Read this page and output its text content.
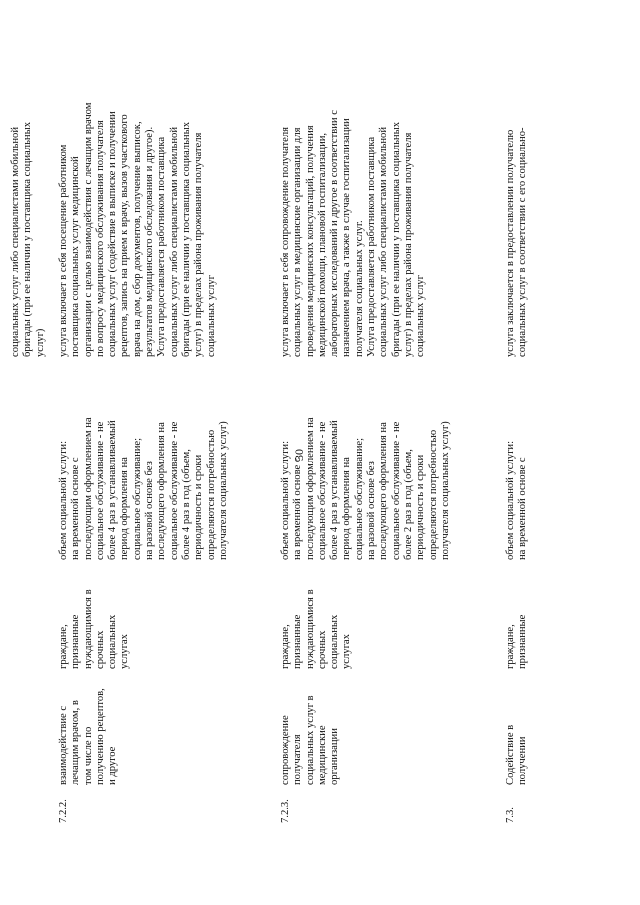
30
социальных услуг либо специалистами мобильной
бригады (при ее наличии у поставщика социальных
услуг)
7.2.2.
взаимодействие с
лечащим врачом, в
том числе по
получению рецептов,
и другое
граждане,
признанные
нуждающимися в
срочных
социальных
услугах
объем социальной услуги:
на временной основе с
последующим оформлением на
социальное обслуживание - не
более 4 раз в устанавливаемый
период оформления на
социальное обслуживание;
на разовой основе без
последующего оформления на
социальное обслуживание - не
более 4 раз в год (объем,
периодичность и сроки
определяются потребностью
получателя социальных услуг)
услуга включает в себя посещение работником
поставщика социальных услуг медицинской
организации с целью взаимодействия с лечащим врачом
по вопросу медицинского обслуживания получателя
социальных услуг (содействие в выписке и получении
рецептов, запись на прием к врачу, вызов участкового
врача на дом, сбор документов, получение выписок,
результатов медицинского обследования и другое).
Услуга предоставляется работником поставщика
социальных услуг либо специалистами мобильной
бригады (при ее наличии у поставщика социальных
услуг) в пределах района проживания получателя
социальных услуг
7.2.3.
сопровождение
получателя
социальных услуг в
медицинские
организации
граждане,
признанные
нуждающимися в
срочных
социальных
услугах
объем социальной услуги:
на временной основе с
последующим оформлением на
социальное обслуживание - не
более 4 раз в устанавливаемый
период оформления на
социальное обслуживание;
на разовой основе без
последующего оформления на
социальное обслуживание - не
более 2 раз в год (объем,
периодичность и сроки
определяются потребностью
получателя социальных услуг)
услуга включает в себя сопровождение получателя
социальных услуг в медицинские организации для
проведения медицинских консультаций, получения
медицинской помощи, плановой госпитализации,
лабораторных исследований и другое в соответствии с
назначением врача, а также в случае госпитализации
получателя социальных услуг.
Услуга предоставляется работником поставщика
социальных услуг либо специалистами мобильной
бригады (при ее наличии у поставщика социальных
услуг) в пределах района проживания получателя
социальных услуг
7.3.
Содействие в
получении
граждане,
признанные
объем социальной услуги:
на временной основе с
услуга заключается в предоставлении получателю
социальных услуг в соответствии с его социально-
